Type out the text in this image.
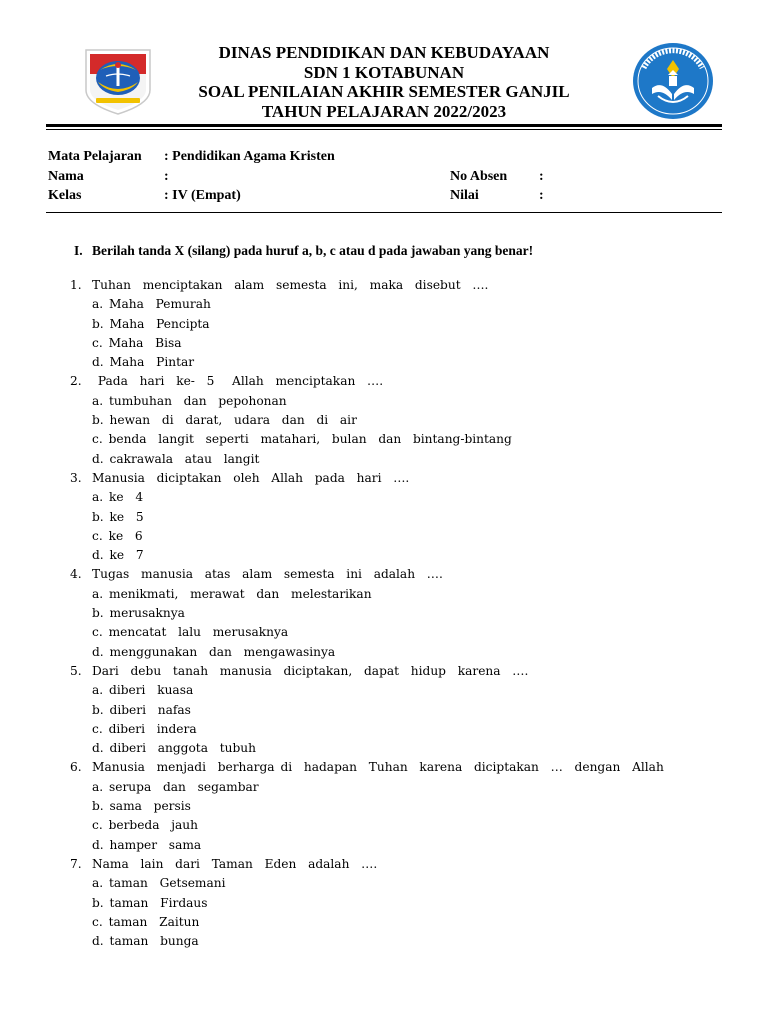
DINAS PENDIDIKAN DAN KEBUDAYAAN
SDN 1 KOTABUNAN
SOAL PENILAIAN AKHIR SEMESTER GANJIL
TAHUN PELAJARAN 2022/2023
Mata Pelajaran : Pendidikan Agama Kristen
Nama	:	No Absen :
Kelas	: IV (Empat)	Nilai	:
I. Berilah tanda X (silang) pada huruf a, b, c atau d pada jawaban yang benar!
1. Tuhan  menciptakan  alam  semesta  ini,  maka  disebut  ….
a. Maha  Pemurah
b. Maha  Pencipta
c. Maha  Bisa
d. Maha  Pintar
2. Pada  hari  ke-  5   Allah  menciptakan  ….
a. tumbuhan  dan  pepohonan
b. hewan  di  darat,  udara  dan  di  air
c. benda  langit  seperti  matahari,  bulan  dan  bintang-bintang
d. cakrawala  atau  langit
3. Manusia  diciptakan  oleh  Allah  pada  hari  ….
a. ke  4
b. ke  5
c. ke  6
d. ke  7
4. Tugas  manusia  atas  alam  semesta  ini  adalah  ….
a. menikmati,  merawat  dan  melestarikan
b. merusaknya
c. mencatat  lalu  merusaknya
d. menggunakan  dan  mengawasinya
5. Dari  debu  tanah  manusia  diciptakan,  dapat  hidup  karena  ….
a. diberi  kuasa
b. diberi  nafas
c. diberi  indera
d. diberi  anggota  tubuh
6. Manusia  menjadi  berharga di  hadapan  Tuhan  karena  diciptakan  …  dengan  Allah
a. serupa  dan  segambar
b. sama  persis
c. berbeda  jauh
d. hamper  sama
7. Nama  lain  dari  Taman  Eden  adalah  ….
a. taman  Getsemani
b. taman  Firdaus
c. taman  Zaitun
d. taman  bunga
